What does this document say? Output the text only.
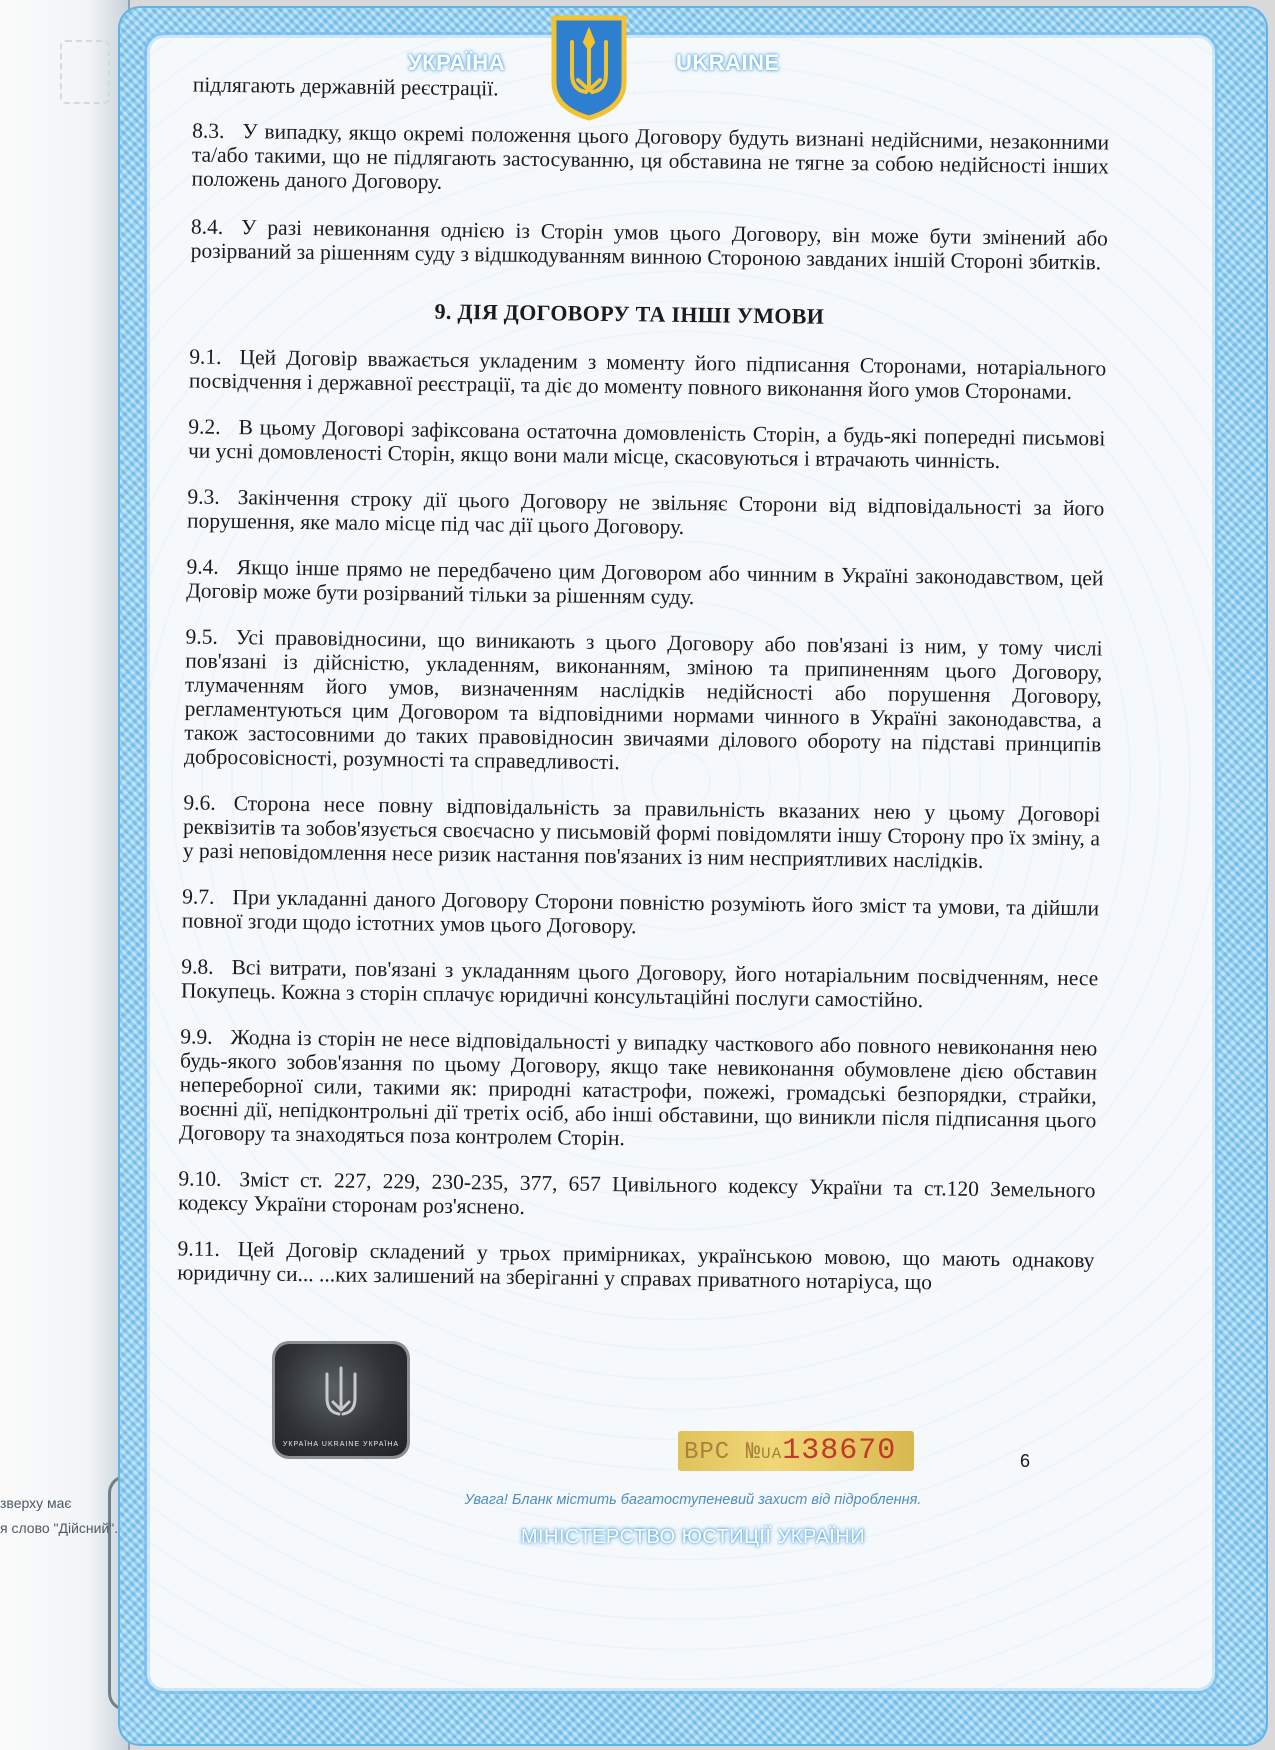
зверху має
я слово "Дійсний".
УКРАЇНА	UKRAINE
УКРАЇНА UKRAINE УКРАЇНА	ВРС №UA138670	6
Увага! Бланк містить багатоступеневий захист від підроблення.
МІНІСТЕРСТВО ЮСТИЦІЇ УКРАЇНИ

підлягають державній реєстрації.

8.3. У випадку, якщо окремі положення цього Договору будуть визнані недійсними, незаконними та/або такими, що не підлягають застосуванню, ця обставина не тягне за собою недійсності інших положень даного Договору.

8.4. У разі невиконання однією із Сторін умов цього Договору, він може бути змінений або розірваний за рішенням суду з відшкодуванням винною Стороною завданих іншій Стороні збитків.

9. ДІЯ ДОГОВОРУ ТА ІНШІ УМОВИ

9.1. Цей Договір вважається укладеним з моменту його підписання Сторонами, нотаріального посвідчення і державної реєстрації, та діє до моменту повного виконання його умов Сторонами.

9.2. В цьому Договорі зафіксована остаточна домовленість Сторін, а будь-які попередні письмові чи усні домовленості Сторін, якщо вони мали місце, скасовуються і втрачають чинність.

9.3. Закінчення строку дії цього Договору не звільняє Сторони від відповідальності за його порушення, яке мало місце під час дії цього Договору.

9.4. Якщо інше прямо не передбачено цим Договором або чинним в Україні законодавством, цей Договір може бути розірваний тільки за рішенням суду.

9.5. Усі правовідносини, що виникають з цього Договору або пов'язані із ним, у тому числі пов'язані із дійсністю, укладенням, виконанням, зміною та припиненням цього Договору, тлумаченням його умов, визначенням наслідків недійсності або порушення Договору, регламентуються цим Договором та відповідними нормами чинного в Україні законодавства, а також застосовними до таких правовідносин звичаями ділового обороту на підставі принципів добросовісності, розумності та справедливості.

9.6. Сторона несе повну відповідальність за правильність вказаних нею у цьому Договорі реквізитів та зобов'язується своєчасно у письмовій формі повідомляти іншу Сторону про їх зміну, а у разі неповідомлення несе ризик настання пов'язаних із ним несприятливих наслідків.

9.7. При укладанні даного Договору Сторони повністю розуміють його зміст та умови, та дійшли повної згоди щодо істотних умов цього Договору.

9.8. Всі витрати, пов'язані з укладанням цього Договору, його нотаріальним посвідченням, несе Покупець. Кожна з сторін сплачує юридичні консультаційні послуги самостійно.

9.9. Жодна із сторін не несе відповідальності у випадку часткового або повного невиконання нею будь-якого зобов'язання по цьому Договору, якщо таке невиконання обумовлене дією обставин непереборної сили, такими як: природні катастрофи, пожежі, громадські безпорядки, страйки, воєнні дії, непідконтрольні дії третіх осіб, або інші обставини, що виникли після підписання цього Договору та знаходяться поза контролем Сторін.

9.10. Зміст ст. 227, 229, 230-235, 377, 657 Цивільного кодексу України та ст.120 Земельного кодексу України сторонам роз'яснено.

9.11. Цей Договір складений у трьох примірниках, українською мовою, що мають однакову юридичну си... ...ких залишений на зберіганні у справах приватного нотаріуса, що
